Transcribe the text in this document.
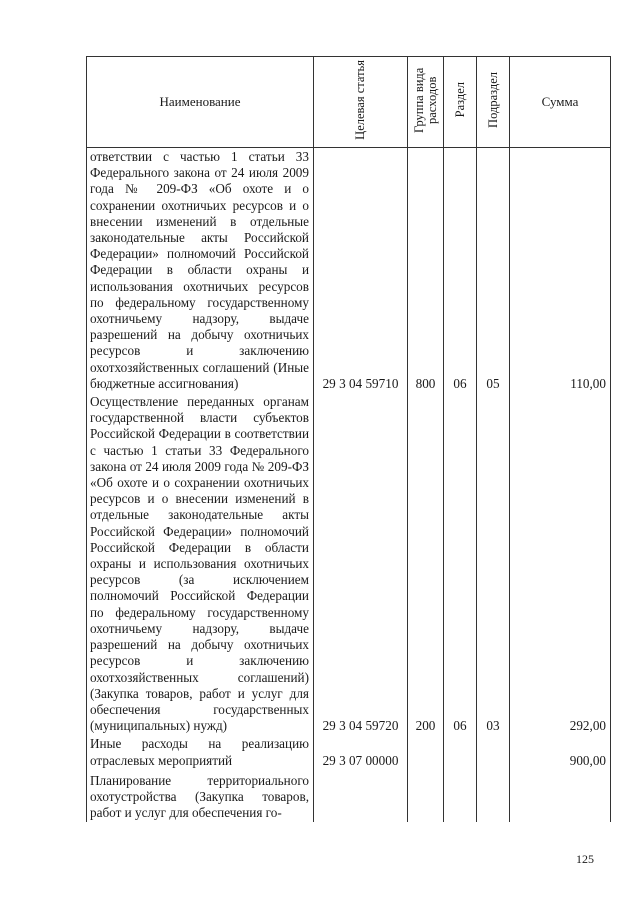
Наименование	Целевая статья	Группа вида расходов	Раздел	Подраздел	Сумма
ответствии с частью 1 статьи 33 Федерального закона от 24 июля 2009 года № 209-ФЗ «Об охоте и о сохранении охотничьих ресурсов и о внесении изменений в отдельные законодательные акты Российской Федерации» полномочий Российской Федерации в области охраны и использования охотничьих ресурсов по федеральному государственному охотничьему надзору, выдаче разрешений на добычу охотничьих ресурсов и заключению охотхозяйственных соглашений (Иные бюджетные ассигнования)	29 3 04 59710	800	06	05	110,00
Осуществление переданных органам государственной власти субъектов Российской Федерации в соответствии с частью 1 статьи 33 Федерального закона от 24 июля 2009 года № 209-ФЗ «Об охоте и о сохранении охотничьих ресурсов и о внесении изменений в отдельные законодательные акты Российской Федерации» полномочий Российской Федерации в области охраны и использования охотничьих ресурсов (за исключением полномочий Российской Федерации по федеральному государственному охотничьему надзору, выдаче разрешений на добычу охотничьих ресурсов и заключению охотхозяйственных соглашений) (Закупка товаров, работ и услуг для обеспечения государственных (муниципальных) нужд)	29 3 04 59720	200	06	03	292,00
Иные расходы на реализацию отраслевых мероприятий	29 3 07 00000				900,00
Планирование территориального охотустройства (Закупка товаров, работ и услуг для обеспечения го-					
125
